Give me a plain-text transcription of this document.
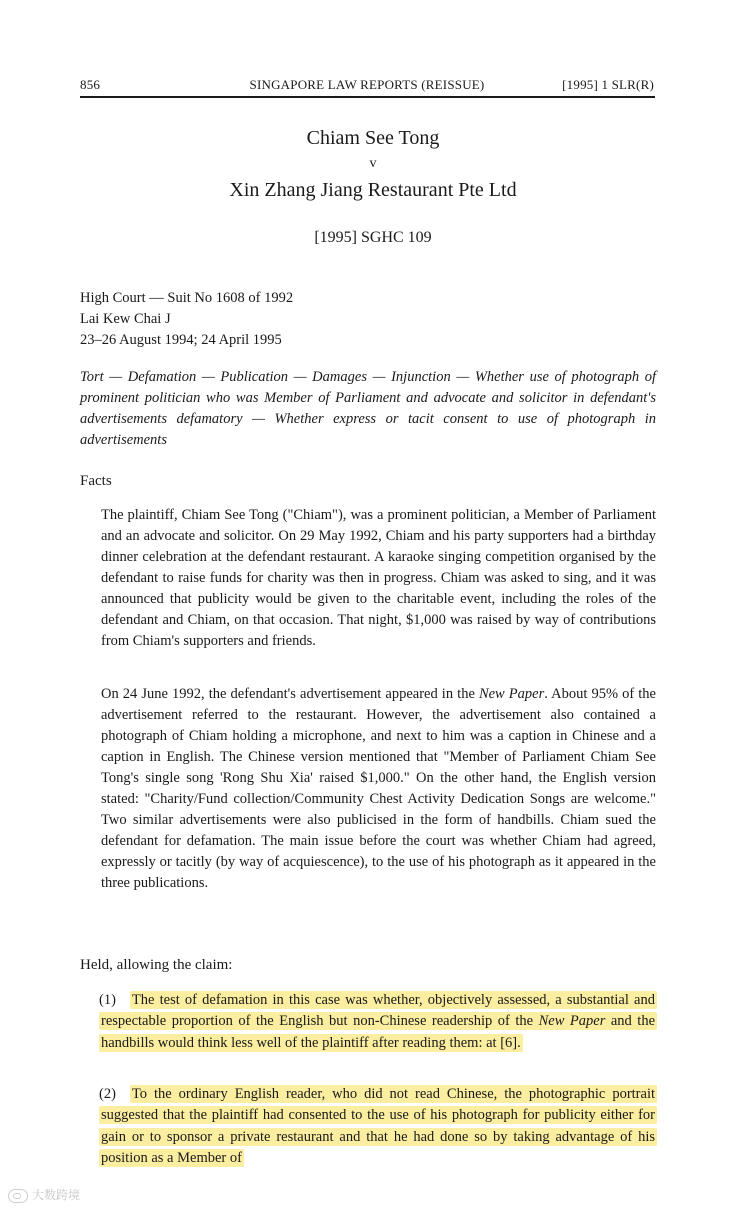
856	SINGAPORE LAW REPORTS (REISSUE)	[1995] 1 SLR(R)
Chiam See Tong
v
Xin Zhang Jiang Restaurant Pte Ltd
[1995] SGHC 109
High Court — Suit No 1608 of 1992
Lai Kew Chai J
23–26 August 1994; 24 April 1995
Tort — Defamation — Publication — Damages — Injunction — Whether use of photograph of prominent politician who was Member of Parliament and advocate and solicitor in defendant's advertisements defamatory — Whether express or tacit consent to use of photograph in advertisements
Facts
The plaintiff, Chiam See Tong ("Chiam"), was a prominent politician, a Member of Parliament and an advocate and solicitor. On 29 May 1992, Chiam and his party supporters had a birthday dinner celebration at the defendant restaurant. A karaoke singing competition organised by the defendant to raise funds for charity was then in progress. Chiam was asked to sing, and it was announced that publicity would be given to the charitable event, including the roles of the defendant and Chiam, on that occasion. That night, $1,000 was raised by way of contributions from Chiam's supporters and friends.
On 24 June 1992, the defendant's advertisement appeared in the New Paper. About 95% of the advertisement referred to the restaurant. However, the advertisement also contained a photograph of Chiam holding a microphone, and next to him was a caption in Chinese and a caption in English. The Chinese version mentioned that "Member of Parliament Chiam See Tong's single song 'Rong Shu Xia' raised $1,000." On the other hand, the English version stated: "Charity/Fund collection/Community Chest Activity Dedication Songs are welcome." Two similar advertisements were also publicised in the form of handbills. Chiam sued the defendant for defamation. The main issue before the court was whether Chiam had agreed, expressly or tacitly (by way of acquiescence), to the use of his photograph as it appeared in the three publications.
Held, allowing the claim:
(1) The test of defamation in this case was whether, objectively assessed, a substantial and respectable proportion of the English but non-Chinese readership of the New Paper and the handbills would think less well of the plaintiff after reading them: at [6].
(2) To the ordinary English reader, who did not read Chinese, the photographic portrait suggested that the plaintiff had consented to the use of his photograph for publicity either for gain or to sponsor a private restaurant and that he had done so by taking advantage of his position as a Member of
大数跨境
